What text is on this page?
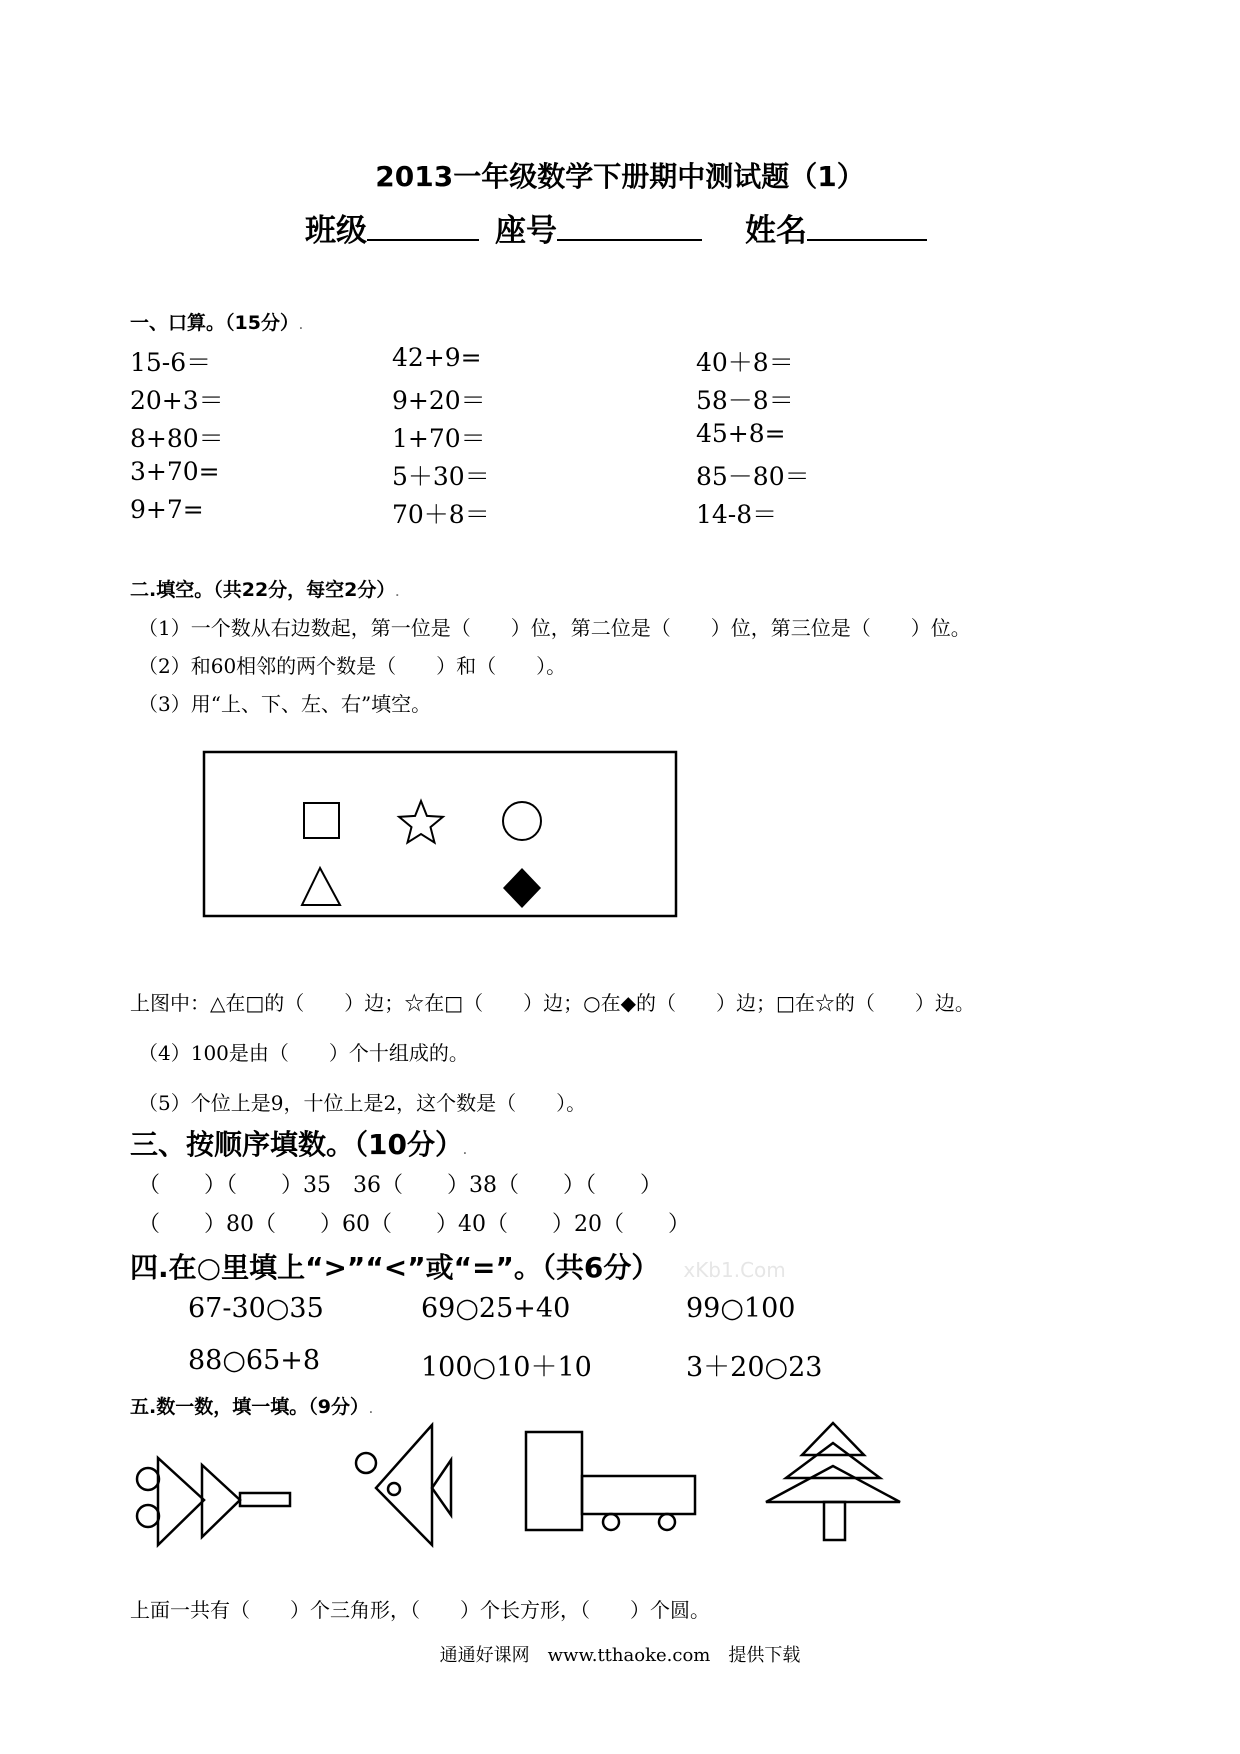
2013一年级数学下册期中测试题（1）
班级	座号	姓名
一、口算。（15分）.
15-6＝	42+9=	40＋8＝
20+3＝	9+20＝	58－8＝
8+80＝	1+70＝	45+8=
3+70=	5＋30＝	85－80＝
9+7=	70＋8＝	14-8＝
二.填空。（共22分，每空2分）.
（1）一个数从右边数起，第一位是（　　）位，第二位是（　　）位，第三位是（　　）位。
（2）和60相邻的两个数是（　　）和（　　）。
（3）用“上、下、左、右”填空。
上图中：△在□的（　　）边；☆在□（　　）边；○在◆的（　　）边；□在☆的（　　）边。
（4）100是由（　　）个十组成的。
（5）个位上是9，十位上是2，这个数是（　　）。
三、按顺序填数。（10分）.
（　　）（　　）35　36（　　）38（　　）（　　）
（　　）80（　　）60（　　）40（　　）20（　　）
四.在○里填上“>”“<”或“=”。（共6分） xKb1.Com
67-30○35	69○25+40	99○100
88○65+8	100○10＋10	3＋20○23
五.数一数，填一填。（9分）.
上面一共有（　　）个三角形，（　　）个长方形，（　　）个圆。
通通好课网　www.tthaoke.com　提供下载
